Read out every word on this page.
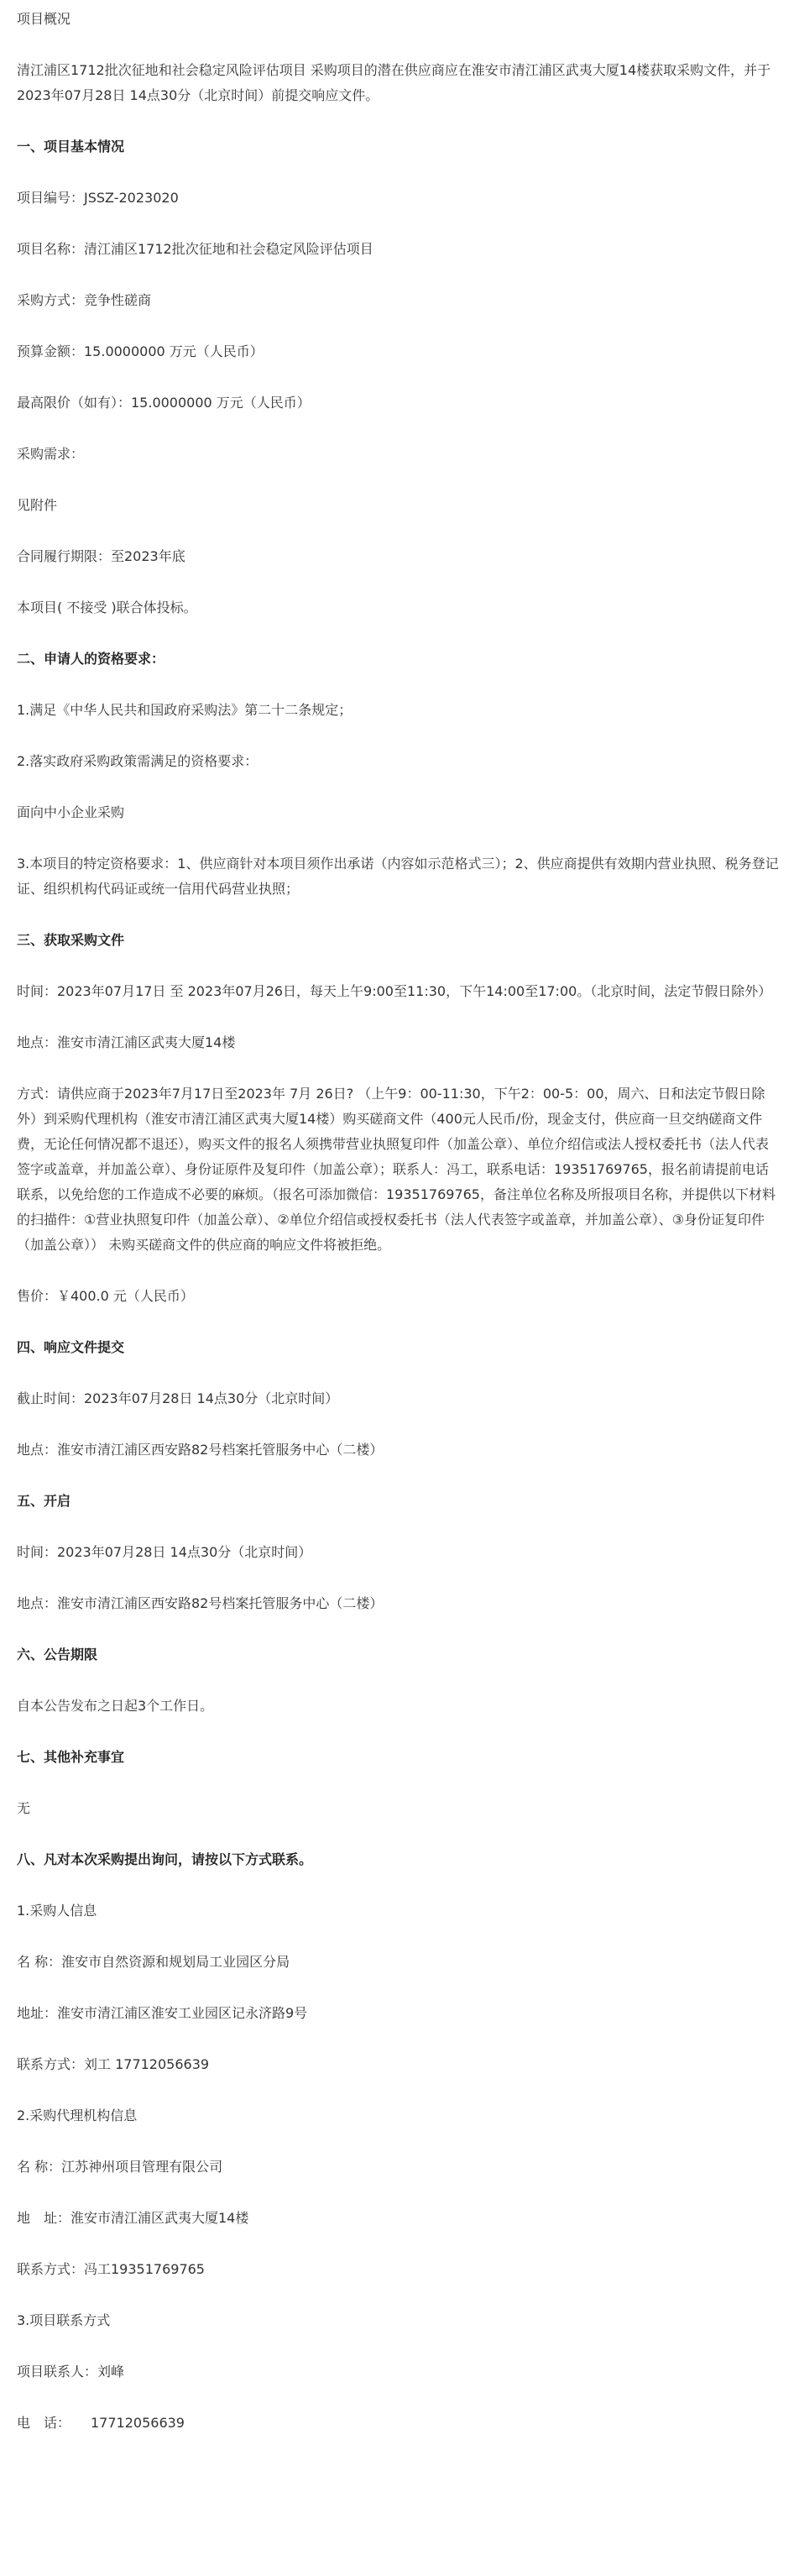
项目概况

清江浦区1712批次征地和社会稳定风险评估项目 采购项目的潜在供应商应在淮安市清江浦区武夷大厦14楼获取采购文件，并于2023年07月28日 14点30分（北京时间）前提交响应文件。

一、项目基本情况

项目编号：JSSZ-2023020

项目名称：清江浦区1712批次征地和社会稳定风险评估项目

采购方式：竞争性磋商

预算金额：15.0000000 万元（人民币）

最高限价（如有）：15.0000000 万元（人民币）

采购需求：

见附件

合同履行期限：至2023年底

本项目( 不接受 )联合体投标。

二、申请人的资格要求：

1.满足《中华人民共和国政府采购法》第二十二条规定；

2.落实政府采购政策需满足的资格要求：

面向中小企业采购

3.本项目的特定资格要求：1、供应商针对本项目须作出承诺（内容如示范格式三）；2、供应商提供有效期内营业执照、税务登记证、组织机构代码证或统一信用代码营业执照；

三、获取采购文件

时间：2023年07月17日 至 2023年07月26日，每天上午9:00至11:30，下午14:00至17:00。（北京时间，法定节假日除外）

地点：淮安市清江浦区武夷大厦14楼

方式：请供应商于2023年7月17日至2023年 7月 26日? （上午9：00-11:30，下午2：00-5：00，周六、日和法定节假日除外）到采购代理机构（淮安市清江浦区武夷大厦14楼）购买磋商文件（400元人民币/份，现金支付，供应商一旦交纳磋商文件费，无论任何情况都不退还），购买文件的报名人须携带营业执照复印件（加盖公章）、单位介绍信或法人授权委托书（法人代表签字或盖章，并加盖公章）、身份证原件及复印件（加盖公章）；联系人：冯工，联系电话：19351769765，报名前请提前电话联系，以免给您的工作造成不必要的麻烦。（报名可添加微信：19351769765，备注单位名称及所报项目名称，并提供以下材料的扫描件：①营业执照复印件（加盖公章）、②单位介绍信或授权委托书（法人代表签字或盖章，并加盖公章）、③身份证复印件（加盖公章）） 未购买磋商文件的供应商的响应文件将被拒绝。

售价：￥400.0 元（人民币）

四、响应文件提交

截止时间：2023年07月28日 14点30分（北京时间）

地点：淮安市清江浦区西安路82号档案托管服务中心（二楼）

五、开启

时间：2023年07月28日 14点30分（北京时间）

地点：淮安市清江浦区西安路82号档案托管服务中心（二楼）

六、公告期限

自本公告发布之日起3个工作日。

七、其他补充事宜

无

八、凡对本次采购提出询问，请按以下方式联系。

1.采购人信息

名 称：淮安市自然资源和规划局工业园区分局

地址：淮安市清江浦区淮安工业园区记永济路9号

联系方式：刘工 17712056639

2.采购代理机构信息

名 称：江苏神州项目管理有限公司

地　址：淮安市清江浦区武夷大厦14楼

联系方式：冯工19351769765

3.项目联系方式

项目联系人：刘峰

电　话：　　17712056639
